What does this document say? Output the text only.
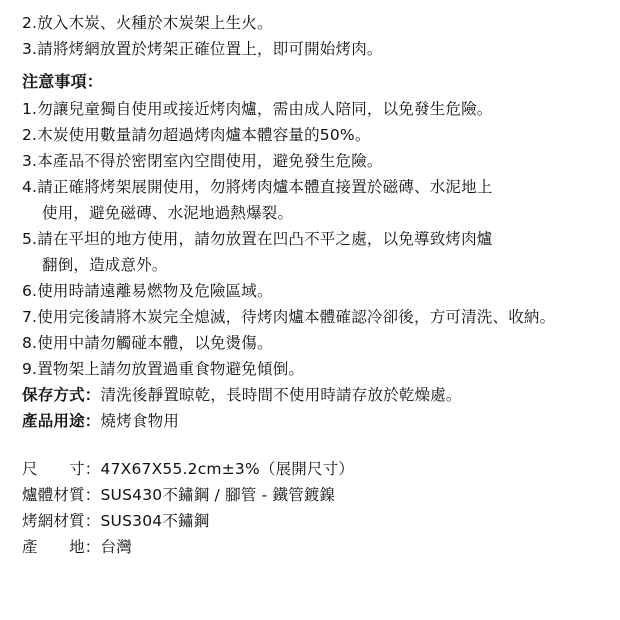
2.放入木炭、火種於木炭架上生火。
3.請將烤網放置於烤架正確位置上，即可開始烤肉。
注意事項：
1.勿讓兒童獨自使用或接近烤肉爐，需由成人陪同，以免發生危險。
2.木炭使用數量請勿超過烤肉爐本體容量的50%。
3.本產品不得於密閉室內空間使用，避免發生危險。
4.請正確將烤架展開使用，勿將烤肉爐本體直接置於磁磚、水泥地上
使用，避免磁磚、水泥地過熱爆裂。
5.請在平坦的地方使用，請勿放置在凹凸不平之處，以免導致烤肉爐
翻倒，造成意外。
6.使用時請遠離易燃物及危險區域。
7.使用完後請將木炭完全熄滅，待烤肉爐本體確認冷卻後，方可清洗、收納。
8.使用中請勿觸碰本體，以免燙傷。
9.置物架上請勿放置過重食物避免傾倒。
保存方式：清洗後靜置晾乾，長時間不使用時請存放於乾燥處。
產品用途：燒烤食物用
尺　　寸：47X67X55.2cm±3%（展開尺寸）
爐體材質：SUS430不鏽鋼 / 腳管 - 鐵管鍍鎳
烤網材質：SUS304不鏽鋼
產　　地：台灣
